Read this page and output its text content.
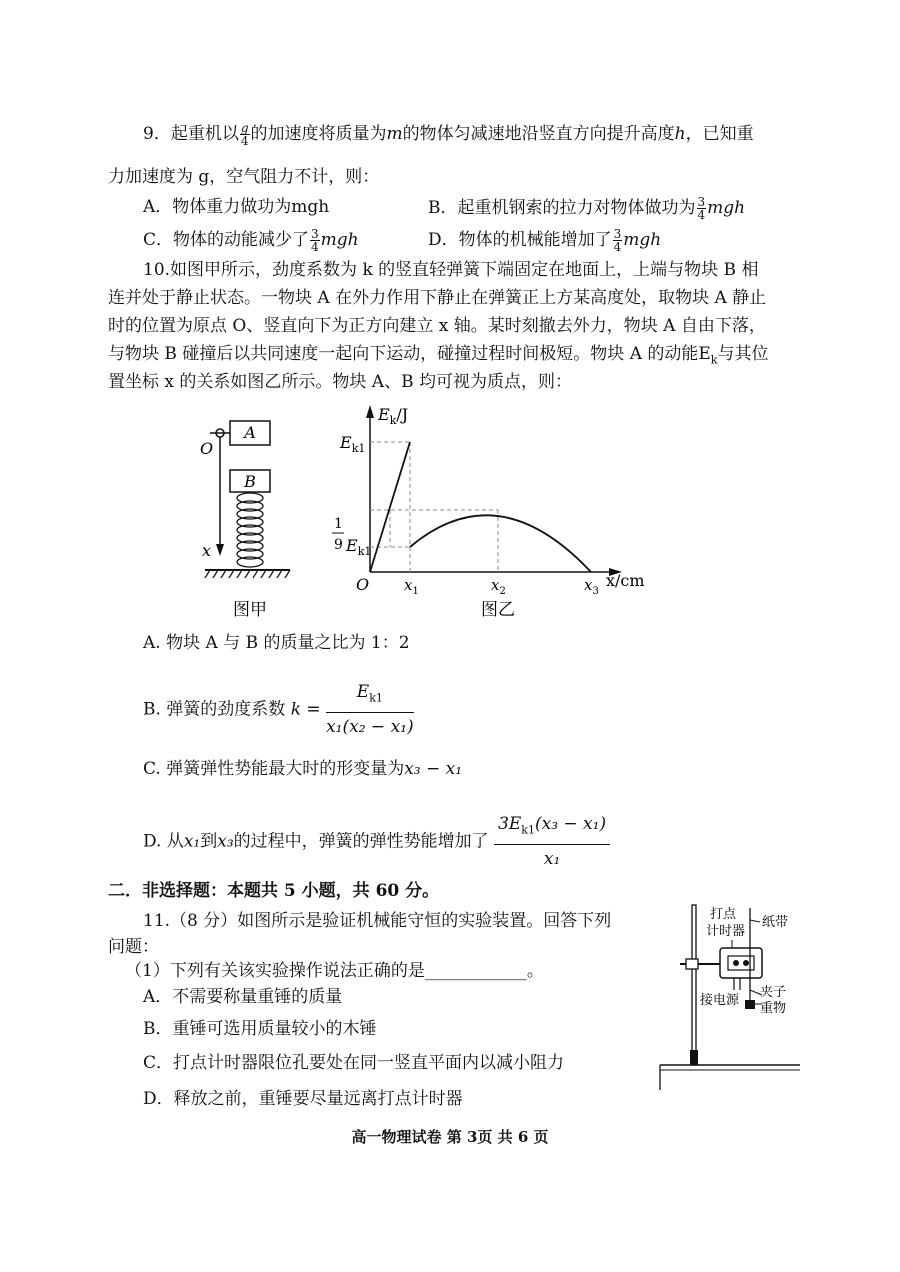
9．起重机以 $\frac{g}{4}$ 的加速度将质量为m的物体匀减速地沿竖直方向提升高度h，已知重
力加速度为 g，空气阻力不计，则：
A．物体重力做功为mgh	B．起重机钢索的拉力对物体做功为 $\frac{3}{4}$ mgh
C．物体的动能减少了 $\frac{3}{4}$ mgh	D．物体的机械能增加了 $\frac{3}{4}$ mgh
10.如图甲所示，劲度系数为 k 的竖直轻弹簧下端固定在地面上，上端与物块 B 相
连并处于静止状态。一物块 A 在外力作用下静止在弹簧正上方某高度处，取物块 A 静止
时的位置为原点 O、竖直向下为正方向建立 x 轴。某时刻撤去外力，物块 A 自由下落，
与物块 B 碰撞后以共同速度一起向下运动，碰撞过程时间极短。物块 A 的动能$E_k$与其位
置坐标 x 的关系如图乙所示。物块 A、B 均可视为质点，则：
A
O
x
B
图甲
$E_k/J$
$E_{k1}$
1
9 $E_{k1}$
O $x_1$	$x_2$	$x_3$
x/cm
图乙
A. 物块 A 与 B 的质量之比为 1：2
B. 弹簧的劲度系数 $k = \frac{E_{k1}}{\text{x₁(x₂ − x₁)}}$
C. 弹簧弹性势能最大时的形变量为x₃ − x₁
D. 从x₁到x₃的过程中，弹簧的弹性势能增加了 $\frac{3E_{k1}(x_3 - x_1)}{\text{x₁}}$
二．非选择题：本题共 5 小题，共 60 分。
11.（8 分）如图所示是验证机械能守恒的实验装置。回答下列
问题：
（1）下列有关该实验操作说法正确的是____________。
A．不需要称量重锤的质量
B．重锤可选用质量较小的木锤
C．打点计时器限位孔要处在同一竖直平面内以减小阻力
D．释放之前，重锤要尽量远离打点计时器
打点
计时器
纸带
接电源
夹子
重物
高一物理试卷 第 3页 共 6 页
